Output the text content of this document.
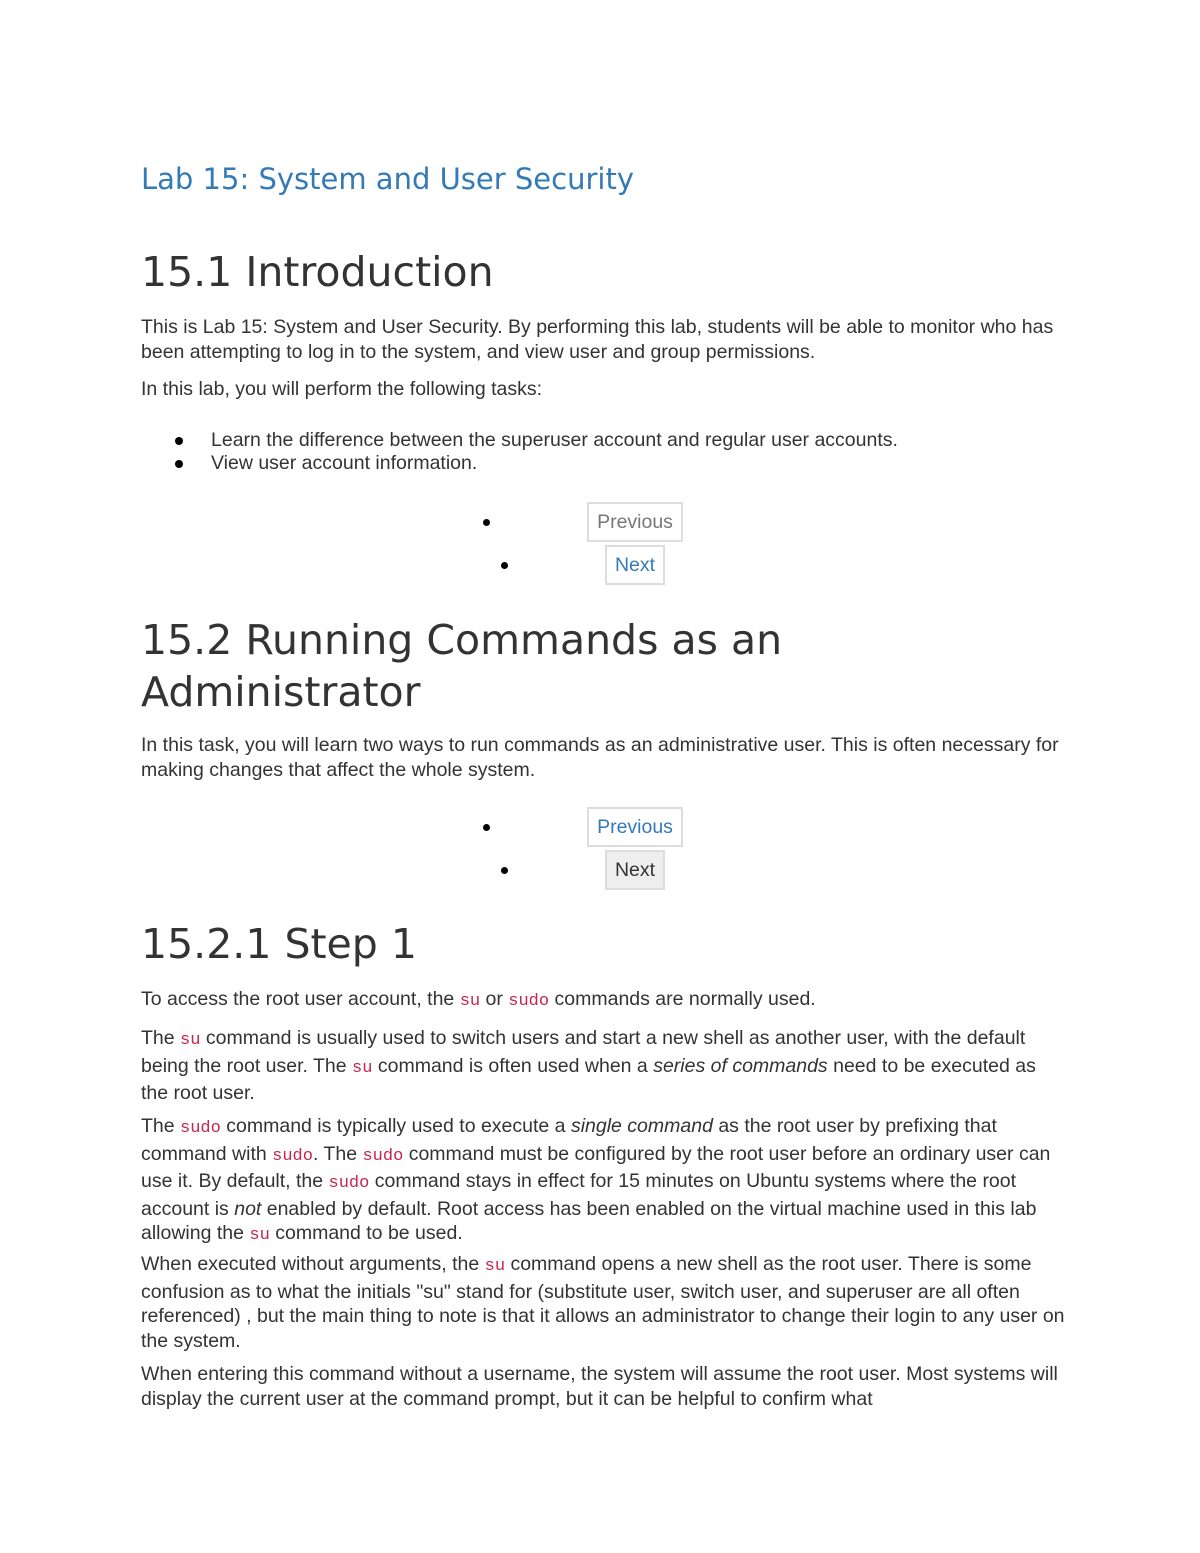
Lab 15: System and User Security
15.1 Introduction

This is Lab 15: System and User Security. By performing this lab, students will be able to monitor who has been attempting to log in to the system, and view user and group permissions.

In this lab, you will perform the following tasks:

Learn the difference between the superuser account and regular user accounts.
View user account information.
Previous
Next
15.2 Running Commands as an
Administrator

In this task, you will learn two ways to run commands as an administrative user. This is often necessary for making changes that affect the whole system.

Previous
Next
15.2.1 Step 1

To access the root user account, the su or sudo commands are normally used.

The su command is usually used to switch users and start a new shell as another user, with the default being the root user. The su command is often used when a series of commands need to be executed as the root user.

The sudo command is typically used to execute a single command as the root user by prefixing that command with sudo. The sudo command must be configured by the root user before an ordinary user can use it. By default, the sudo command stays in effect for 15 minutes on Ubuntu systems where the root account is not enabled by default. Root access has been enabled on the virtual machine used in this lab allowing the su command to be used.

When executed without arguments, the su command opens a new shell as the root user. There is some confusion as to what the initials "su" stand for (substitute user, switch user, and superuser are all often referenced) , but the main thing to note is that it allows an administrator to change their login to any user on the system.

When entering this command without a username, the system will assume the root user. Most systems will display the current user at the command prompt, but it can be helpful to confirm what
